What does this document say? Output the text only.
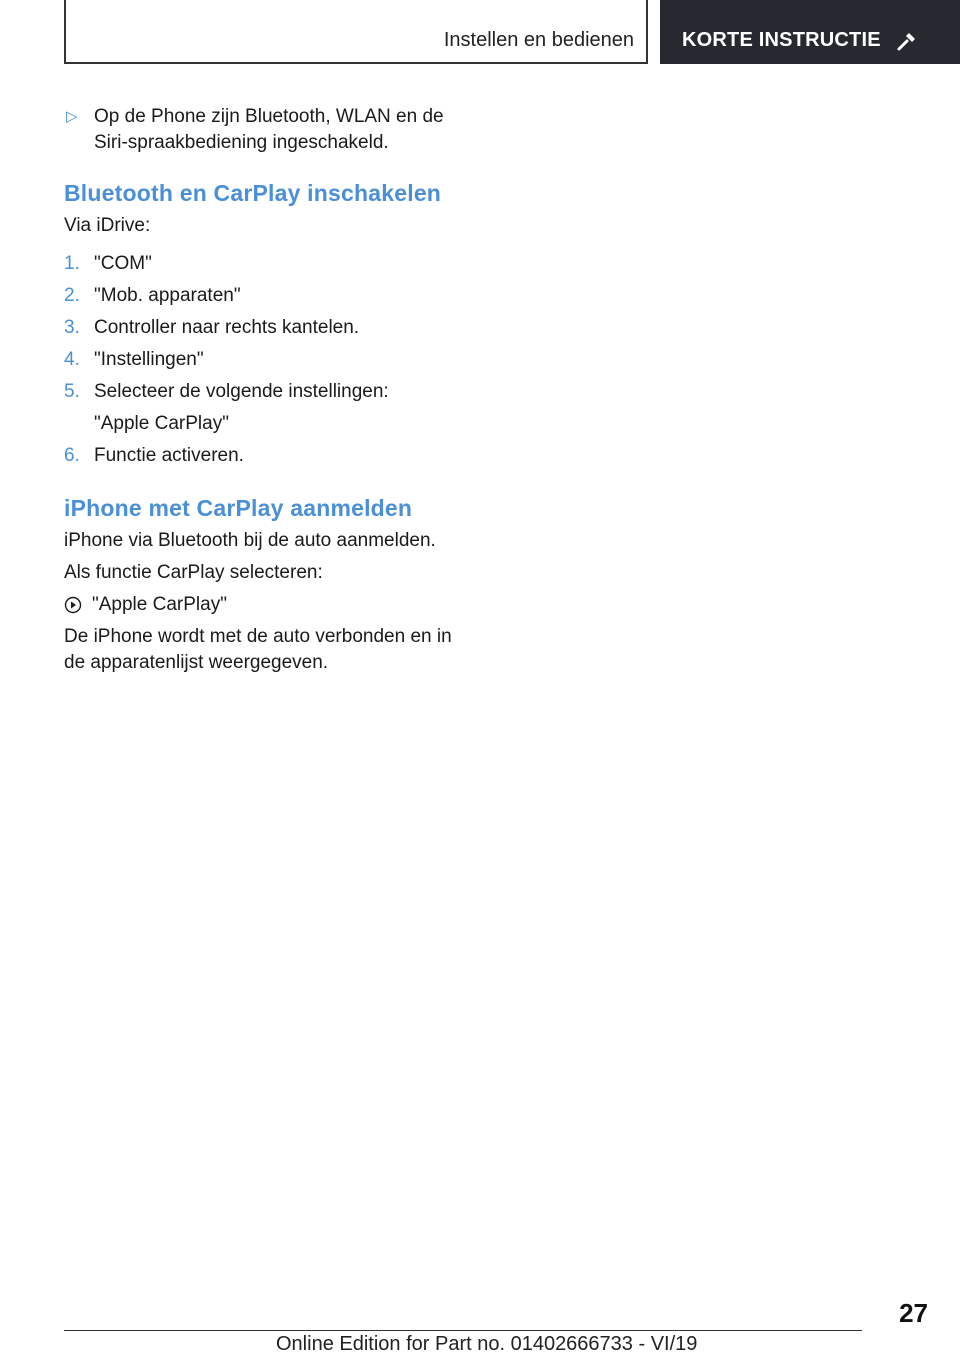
Instellen en bedienen KORTE INSTRUCTIE
▷ Op de Phone zijn Bluetooth, WLAN en de Siri-spraakbediening ingeschakeld.
Bluetooth en CarPlay inschakelen

Via iDrive:

1. "COM"
2. "Mob. apparaten"
3. Controller naar rechts kantelen.
4. "Instellingen"
5. Selecteer de volgende instellingen:
"Apple CarPlay"
6. Functie activeren.
iPhone met CarPlay aanmelden

iPhone via Bluetooth bij de auto aanmelden.

Als functie CarPlay selecteren:

"Apple CarPlay"

De iPhone wordt met de auto verbonden en in de apparatenlijst weergegeven.

27
Online Edition for Part no. 01402666733 - VI/19
